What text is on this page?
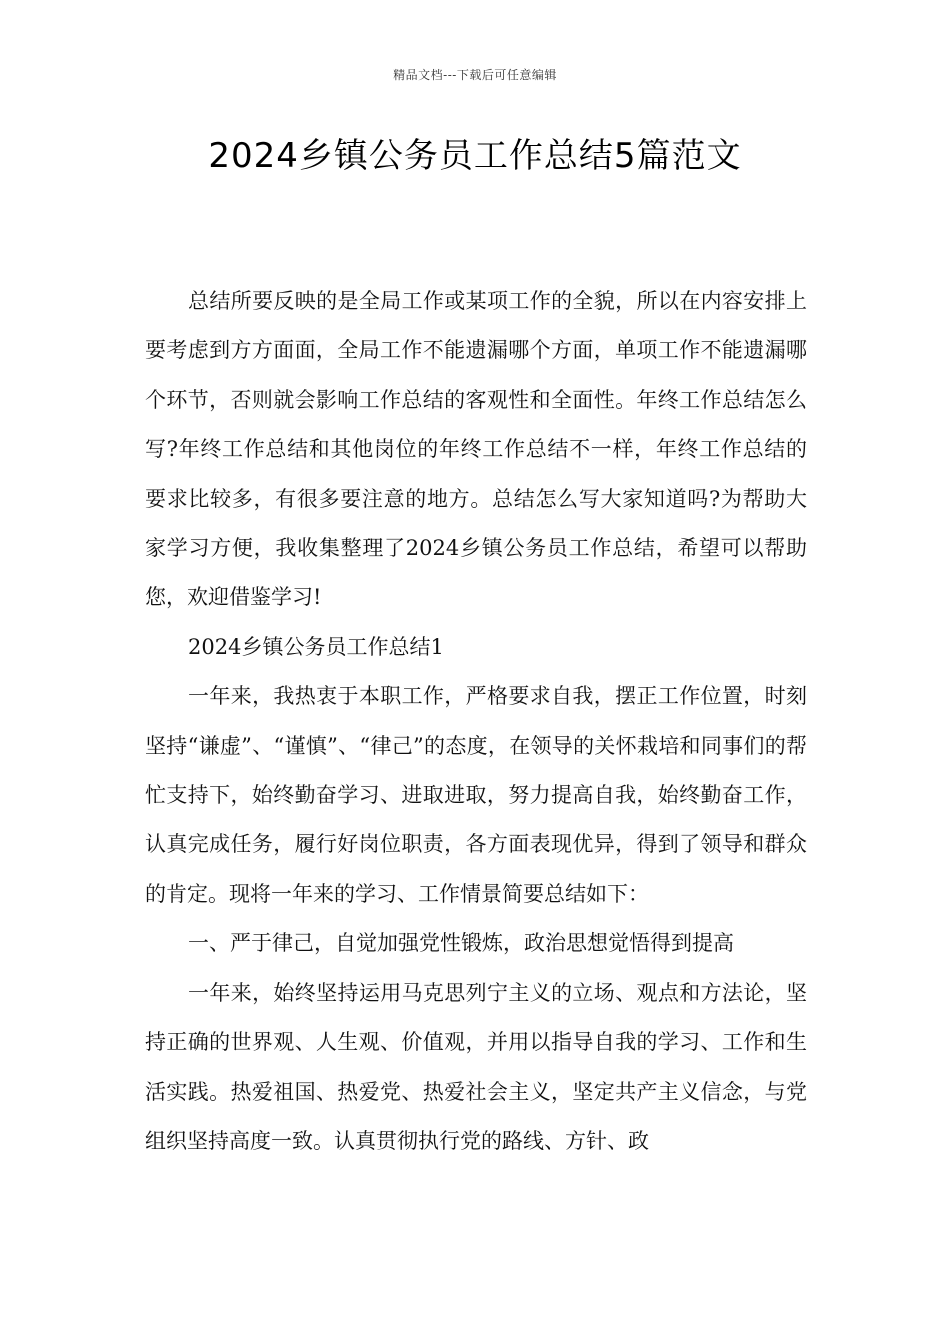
精品文档---下载后可任意编辑
2024乡镇公务员工作总结5篇范文

总结所要反映的是全局工作或某项工作的全貌，所以在内容安排上要考虑到方方面面，全局工作不能遗漏哪个方面，单项工作不能遗漏哪个环节，否则就会影响工作总结的客观性和全面性。年终工作总结怎么写?年终工作总结和其他岗位的年终工作总结不一样，年终工作总结的要求比较多，有很多要注意的地方。总结怎么写大家知道吗?为帮助大家学习方便，我收集整理了2024乡镇公务员工作总结，希望可以帮助您，欢迎借鉴学习!

2024乡镇公务员工作总结1

一年来，我热衷于本职工作，严格要求自我，摆正工作位置，时刻坚持“谦虚”、“谨慎”、“律己”的态度，在领导的关怀栽培和同事们的帮忙支持下，始终勤奋学习、进取进取，努力提高自我，始终勤奋工作，认真完成任务，履行好岗位职责，各方面表现优异，得到了领导和群众的肯定。现将一年来的学习、工作情景简要总结如下：

一、严于律己，自觉加强党性锻炼，政治思想觉悟得到提高

一年来，始终坚持运用马克思列宁主义的立场、观点和方法论，坚持正确的世界观、人生观、价值观，并用以指导自我的学习、工作和生活实践。热爱祖国、热爱党、热爱社会主义，坚定共产主义信念，与党组织坚持高度一致。认真贯彻执行党的路线、方针、政
